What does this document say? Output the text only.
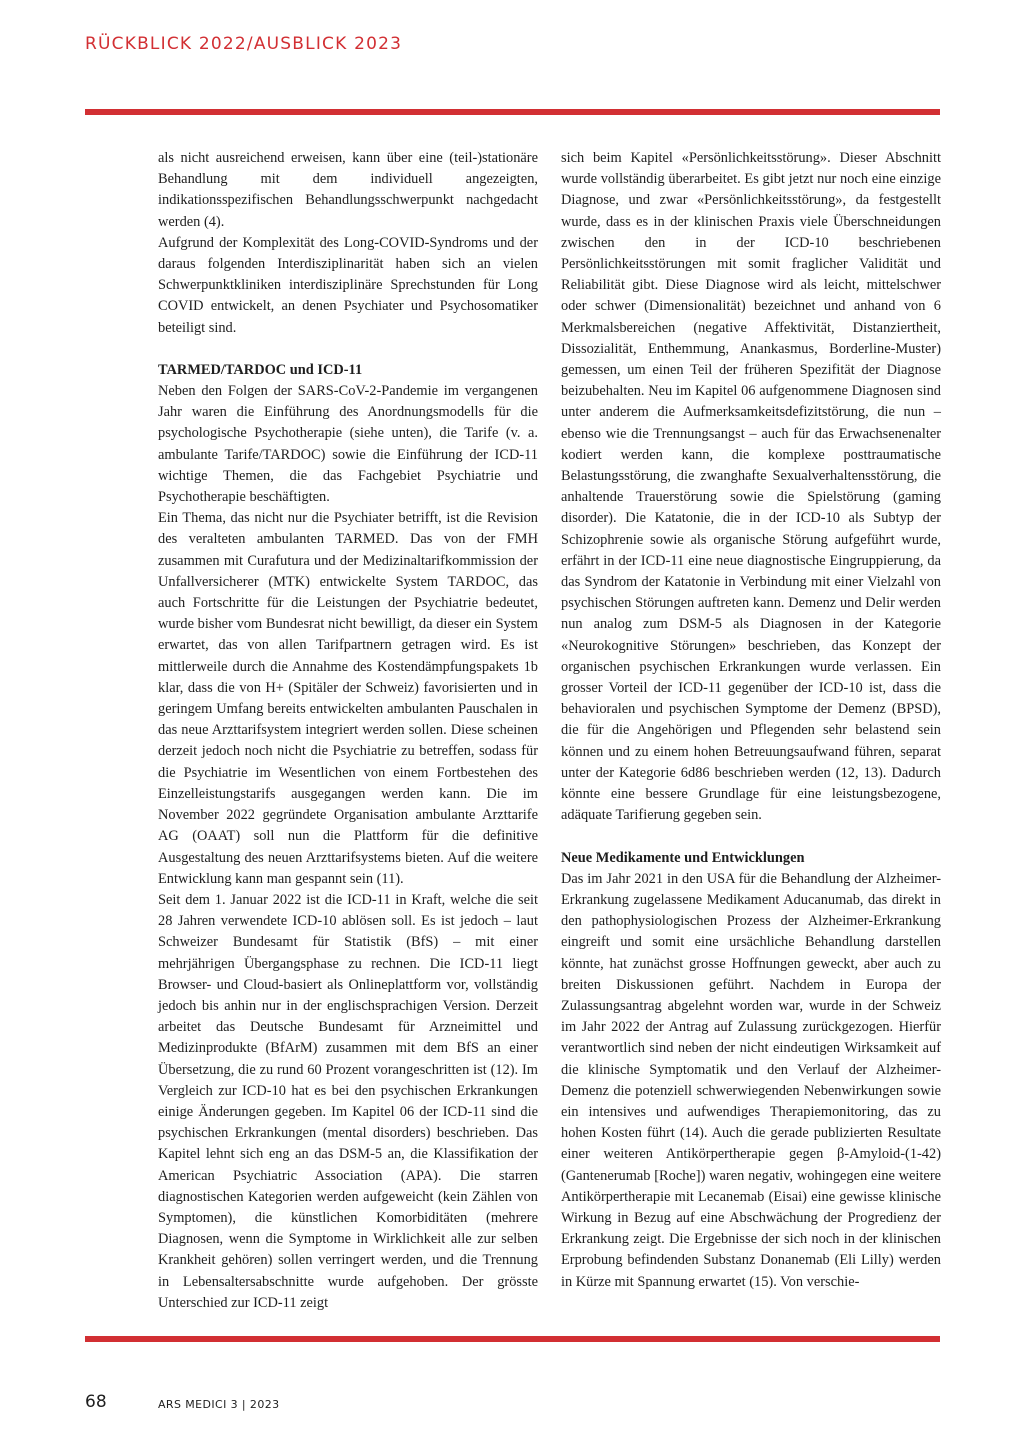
RÜCKBLICK 2022/AUSBLICK 2023

als nicht ausreichend erweisen, kann über eine (teil-)stationäre Behandlung mit dem individuell angezeigten, indikationsspezifischen Behandlungsschwerpunkt nachgedacht werden (4).

Aufgrund der Komplexität des Long-COVID-Syndroms und der daraus folgenden Interdisziplinarität haben sich an vielen Schwerpunktkliniken interdisziplinäre Sprechstunden für Long COVID entwickelt, an denen Psychiater und Psychosomatiker beteiligt sind.

TARMED/TARDOC und ICD-11

Neben den Folgen der SARS-CoV-2-Pandemie im vergangenen Jahr waren die Einführung des Anordnungsmodells für die psychologische Psychotherapie (siehe unten), die Tarife (v. a. ambulante Tarife/TARDOC) sowie die Einführung der ICD-11 wichtige Themen, die das Fachgebiet Psychiatrie und Psychotherapie beschäftigten.

Ein Thema, das nicht nur die Psychiater betrifft, ist die Revision des veralteten ambulanten TARMED. Das von der FMH zusammen mit Curafutura und der Medizinaltarifkommission der Unfallversicherer (MTK) entwickelte System TARDOC, das auch Fortschritte für die Leistungen der Psychiatrie bedeutet, wurde bisher vom Bundesrat nicht bewilligt, da dieser ein System erwartet, das von allen Tarifpartnern getragen wird. Es ist mittlerweile durch die Annahme des Kostendämpfungspakets 1b klar, dass die von H+ (Spitäler der Schweiz) favorisierten und in geringem Umfang bereits entwickelten ambulanten Pauschalen in das neue Arzttarifsystem integriert werden sollen. Diese scheinen derzeit jedoch noch nicht die Psychiatrie zu betreffen, sodass für die Psychiatrie im Wesentlichen von einem Fortbestehen des Einzelleistungstarifs ausgegangen werden kann. Die im November 2022 gegründete Organisation ambulante Arzttarife AG (OAAT) soll nun die Plattform für die definitive Ausgestaltung des neuen Arzttarifsystems bieten. Auf die weitere Entwicklung kann man gespannt sein (11).

Seit dem 1. Januar 2022 ist die ICD-11 in Kraft, welche die seit 28 Jahren verwendete ICD-10 ablösen soll. Es ist jedoch – laut Schweizer Bundesamt für Statistik (BfS) – mit einer mehrjährigen Übergangsphase zu rechnen. Die ICD-11 liegt Browser- und Cloud-basiert als Onlineplattform vor, vollständig jedoch bis anhin nur in der englischsprachigen Version. Derzeit arbeitet das Deutsche Bundesamt für Arzneimittel und Medizinprodukte (BfArM) zusammen mit dem BfS an einer Übersetzung, die zu rund 60 Prozent vorangeschritten ist (12). Im Vergleich zur ICD-10 hat es bei den psychischen Erkrankungen einige Änderungen gegeben. Im Kapitel 06 der ICD-11 sind die psychischen Erkrankungen (mental disorders) beschrieben. Das Kapitel lehnt sich eng an das DSM-5 an, die Klassifikation der American Psychiatric Association (APA). Die starren diagnostischen Kategorien werden aufgeweicht (kein Zählen von Symptomen), die künstlichen Komorbiditäten (mehrere Diagnosen, wenn die Symptome in Wirklichkeit alle zur selben Krankheit gehören) sollen verringert werden, und die Trennung in Lebensaltersabschnitte wurde aufgehoben. Der grösste Unterschied zur ICD-11 zeigt

sich beim Kapitel «Persönlichkeitsstörung». Dieser Abschnitt wurde vollständig überarbeitet. Es gibt jetzt nur noch eine einzige Diagnose, und zwar «Persönlichkeitsstörung», da festgestellt wurde, dass es in der klinischen Praxis viele Überschneidungen zwischen den in der ICD-10 beschriebenen Persönlichkeitsstörungen mit somit fraglicher Validität und Reliabilität gibt. Diese Diagnose wird als leicht, mittelschwer oder schwer (Dimensionalität) bezeichnet und anhand von 6 Merkmalsbereichen (negative Affektivität, Distanziertheit, Dissozialität, Enthemmung, Anankasmus, Borderline-Muster) gemessen, um einen Teil der früheren Spezifität der Diagnose beizubehalten. Neu im Kapitel 06 aufgenommene Diagnosen sind unter anderem die Aufmerksamkeitsdefizitstörung, die nun – ebenso wie die Trennungsangst – auch für das Erwachsenenalter kodiert werden kann, die komplexe posttraumatische Belastungsstörung, die zwanghafte Sexualverhaltensstörung, die anhaltende Trauerstörung sowie die Spielstörung (gaming disorder). Die Katatonie, die in der ICD-10 als Subtyp der Schizophrenie sowie als organische Störung aufgeführt wurde, erfährt in der ICD-11 eine neue diagnostische Eingruppierung, da das Syndrom der Katatonie in Verbindung mit einer Vielzahl von psychischen Störungen auftreten kann. Demenz und Delir werden nun analog zum DSM-5 als Diagnosen in der Kategorie «Neurokognitive Störungen» beschrieben, das Konzept der organischen psychischen Erkrankungen wurde verlassen. Ein grosser Vorteil der ICD-11 gegenüber der ICD-10 ist, dass die behavioralen und psychischen Symptome der Demenz (BPSD), die für die Angehörigen und Pflegenden sehr belastend sein können und zu einem hohen Betreuungsaufwand führen, separat unter der Kategorie 6d86 beschrieben werden (12, 13). Dadurch könnte eine bessere Grundlage für eine leistungsbezogene, adäquate Tarifierung gegeben sein.

Neue Medikamente und Entwicklungen

Das im Jahr 2021 in den USA für die Behandlung der Alzheimer-Erkrankung zugelassene Medikament Aducanumab, das direkt in den pathophysiologischen Prozess der Alzheimer-Erkrankung eingreift und somit eine ursächliche Behandlung darstellen könnte, hat zunächst grosse Hoffnungen geweckt, aber auch zu breiten Diskussionen geführt. Nachdem in Europa der Zulassungsantrag abgelehnt worden war, wurde in der Schweiz im Jahr 2022 der Antrag auf Zulassung zurückgezogen. Hierfür verantwortlich sind neben der nicht eindeutigen Wirksamkeit auf die klinische Symptomatik und den Verlauf der Alzheimer-Demenz die potenziell schwerwiegenden Nebenwirkungen sowie ein intensives und aufwendiges Therapiemonitoring, das zu hohen Kosten führt (14). Auch die gerade publizierten Resultate einer weiteren Antikörpertherapie gegen β-Amyloid-(1-42) (Gantenerumab [Roche]) waren negativ, wohingegen eine weitere Antikörpertherapie mit Lecanemab (Eisai) eine gewisse klinische Wirkung in Bezug auf eine Abschwächung der Progredienz der Erkrankung zeigt. Die Ergebnisse der sich noch in der klinischen Erprobung befindenden Substanz Donanemab (Eli Lilly) werden in Kürze mit Spannung erwartet (15). Von verschie-

68	ARS MEDICI 3 | 2023
